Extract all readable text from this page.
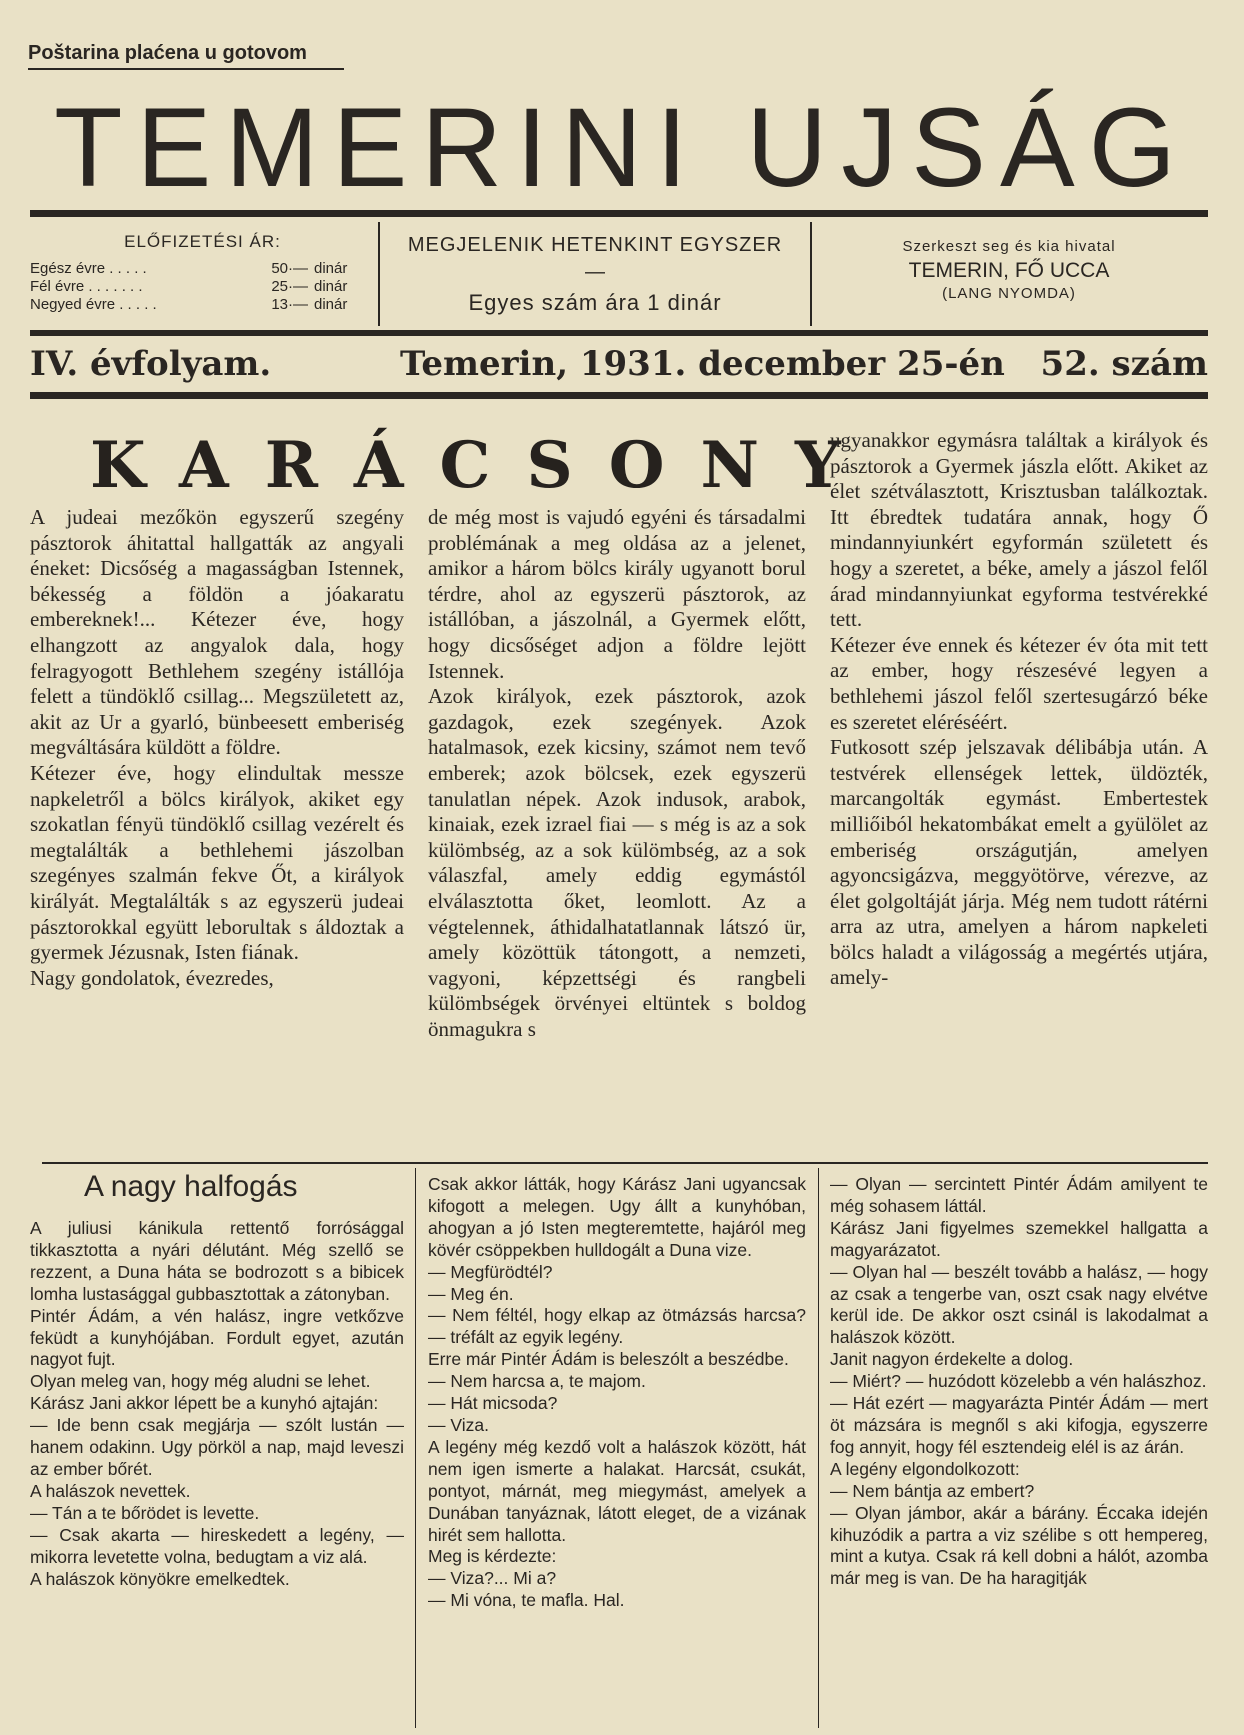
Poštarina plaćena u gotovom
TEMERINI UJSÁG
ELŐFIZETÉSI ÁR:
Egész évre . . . . .	50·— dinár
Fél évre . . . . . . .	25·— dinár
Negyed évre . . . . .	13·— dinár
MEGJELENIK HETENKINT EGYSZER
—
Egyes szám ára 1 dinár
Szerkeszt seg és kia hivatal
TEMERIN, FŐ UCCA
(LANG NYOMDA)
IV. évfolyam.	Temerin, 1931. december 25-én 52. szám
KARÁCSONY
A judeai mezőkön egyszerű szegény pásztorok áhitattal hallgatták az angyali éneket: Dicsőség a magasságban Istennek, békesség a földön a jóakaratu embereknek!... Kétezer éve, hogy elhangzott az angyalok dala, hogy felragyogott Bethlehem szegény istállója felett a tündöklő csillag... Megszületett az, akit az Ur a gyarló, bünbeesett emberiség megváltására küldött a földre.
Kétezer éve, hogy elindultak messze napkeletről a bölcs királyok, akiket egy szokatlan fényü tündöklő csillag vezérelt és megtalálták a bethlehemi jászolban szegényes szalmán fekve Őt, a királyok királyát. Megtalálták s az egyszerü judeai pásztorokkal együtt leborultak s áldoztak a gyermek Jézusnak, Isten fiának.
Nagy gondolatok, évezredes,
de még most is vajudó egyéni és társadalmi problémának a meg oldása az a jelenet, amikor a három bölcs király ugyanott borul térdre, ahol az egyszerü pásztorok, az istállóban, a jászolnál, a Gyermek előtt, hogy dicsőséget adjon a földre lejött Istennek.
Azok királyok, ezek pásztorok, azok gazdagok, ezek szegények. Azok hatalmasok, ezek kicsiny, számot nem tevő emberek; azok bölcsek, ezek egyszerü tanulatlan népek. Azok indusok, arabok, kinaiak, ezek izrael fiai — s még is az a sok külömbség, az a sok külömbség, az a sok válaszfal, amely eddig egymástól elválasztotta őket, leomlott. Az a végtelennek, áthidalhatatlannak látszó ür, amely közöttük tátongott, a nemzeti, vagyoni, képzettségi és rangbeli külömbségek örvényei eltüntek s boldog önmagukra s
ugyanakkor egymásra találtak a királyok és pásztorok a Gyermek jászla előtt. Akiket az élet szétválasztott, Krisztusban találkoztak. Itt ébredtek tudatára annak, hogy Ő mindannyiunkért egyformán született és hogy a szeretet, a béke, amely a jászol felől árad mindannyiunkat egyforma testvérekké tett.
Kétezer éve ennek és kétezer év óta mit tett az ember, hogy részesévé legyen a bethlehemi jászol felől szertesugárzó béke es szeretet eléréséért.
Futkosott szép jelszavak délibábja után. A testvérek ellenségek lettek, üldözték, marcangolták egymást. Embertestek milliőiból hekatombákat emelt a gyülölet az emberiség országutján, amelyen agyoncsigázva, meggyötörve, vérezve, az élet golgoltáját járja. Még nem tudott rátérni arra az utra, amelyen a három napkeleti bölcs haladt a világosság a megértés utjára, amely-
A nagy halfogás
A juliusi kánikula rettentő forrósággal tikkasztotta a nyári délutánt. Még szellő se rezzent, a Duna háta se bodrozott s a bibicek lomha lustasággal gubbasztottak a zátonyban.
Pintér Ádám, a vén halász, ingre vetkőzve feküdt a kunyhójában. Fordult egyet, azután nagyot fujt.
Olyan meleg van, hogy még aludni se lehet.
Kárász Jani akkor lépett be a kunyhó ajtaján:
— Ide benn csak megjárja — szólt lustán — hanem odakinn. Ugy pörköl a nap, majd leveszi az ember bőrét.
A halászok nevettek.
— Tán a te bőrödet is levette.
— Csak akarta — hireskedett a legény, — mikorra levetette volna, bedugtam a viz alá.
A halászok könyökre emelkedtek.
Csak akkor látták, hogy Kárász Jani ugyancsak kifogott a melegen. Ugy állt a kunyhóban, ahogyan a jó Isten megteremtette, hajáról meg kövér csöppekben hulldogált a Duna vize.
— Megfürödtél?
— Meg én.
— Nem féltél, hogy elkap az ötmázsás harcsa? — tréfált az egyik legény.
Erre már Pintér Ádám is beleszólt a beszédbe.
— Nem harcsa a, te majom.
— Hát micsoda?
— Viza.
A legény még kezdő volt a halászok között, hát nem igen ismerte a halakat. Harcsát, csukát, pontyot, márnát, meg miegymást, amelyek a Dunában tanyáznak, látott eleget, de a vizának hirét sem hallotta.
Meg is kérdezte:
— Viza?... Mi a?
— Mi vóna, te mafla. Hal.
— Olyan — sercintett Pintér Ádám amilyent te még sohasem láttál.
Kárász Jani figyelmes szemekkel hallgatta a magyarázatot.
— Olyan hal — beszélt tovább a halász, — hogy az csak a tengerbe van, oszt csak nagy elvétve kerül ide. De akkor oszt csinál is lakodalmat a halászok között.
Janit nagyon érdekelte a dolog.
— Miért? — huzódott közelebb a vén halászhoz.
— Hát ezért — magyarázta Pintér Ádám — mert öt mázsára is megnől s aki kifogja, egyszerre fog annyit, hogy fél esztendeig elél is az árán.
A legény elgondolkozott:
— Nem bántja az embert?
— Olyan jámbor, akár a bárány. Éccaka idején kihuzódik a partra a viz szélibe s ott hempereg, mint a kutya. Csak rá kell dobni a hálót, azomba már meg is van. De ha haragitják
